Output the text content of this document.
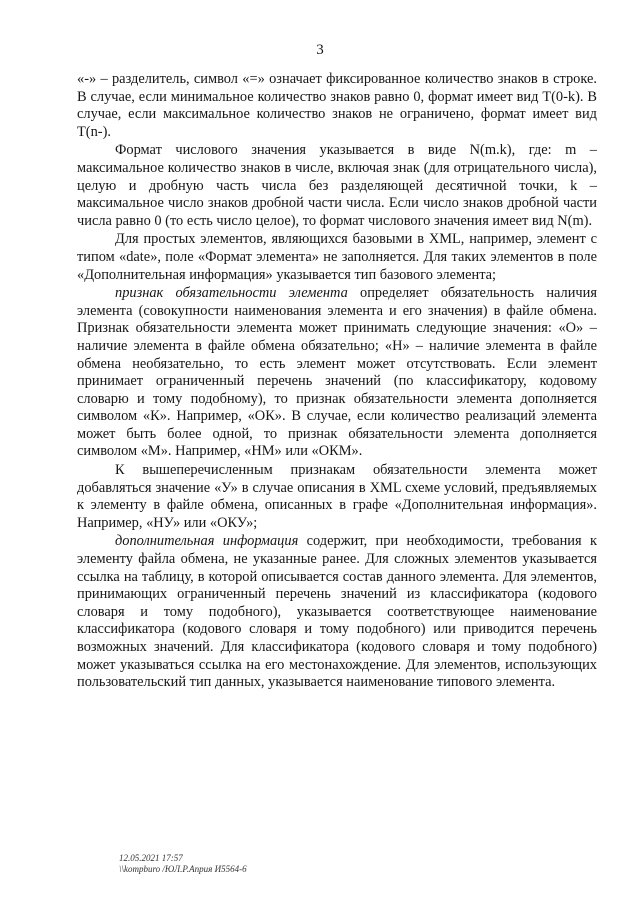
3

«-» – разделитель, символ «=» означает фиксированное количество знаков в строке. В случае, если минимальное количество знаков равно 0, формат имеет вид T(0-k). В случае, если максимальное количество знаков не ограничено, формат имеет вид T(n-).

Формат числового значения указывается в виде N(m.k), где: m – максимальное количество знаков в числе, включая знак (для отрицательного числа), целую и дробную часть числа без разделяющей десятичной точки, k – максимальное число знаков дробной части числа. Если число знаков дробной части числа равно 0 (то есть число целое), то формат числового значения имеет вид N(m).

Для простых элементов, являющихся базовыми в XML, например, элемент с типом «date», поле «Формат элемента» не заполняется. Для таких элементов в поле «Дополнительная информация» указывается тип базового элемента;

признак обязательности элемента определяет обязательность наличия элемента (совокупности наименования элемента и его значения) в файле обмена. Признак обязательности элемента может принимать следующие значения: «О» – наличие элемента в файле обмена обязательно; «Н» – наличие элемента в файле обмена необязательно, то есть элемент может отсутствовать. Если элемент принимает ограниченный перечень значений (по классификатору, кодовому словарю и тому подобному), то признак обязательности элемента дополняется символом «К». Например, «ОК». В случае, если количество реализаций элемента может быть более одной, то признак обязательности элемента дополняется символом «М». Например, «НМ» или «ОКМ».

К вышеперечисленным признакам обязательности элемента может добавляться значение «У» в случае описания в XML схеме условий, предъявляемых к элементу в файле обмена, описанных в графе «Дополнительная информация». Например, «НУ» или «ОКУ»;

дополнительная информация содержит, при необходимости, требования к элементу файла обмена, не указанные ранее. Для сложных элементов указывается ссылка на таблицу, в которой описывается состав данного элемента. Для элементов, принимающих ограниченный перечень значений из классификатора (кодового словаря и тому подобного), указывается соответствующее наименование классификатора (кодового словаря и тому подобного) или приводится перечень возможных значений. Для классификатора (кодового словаря и тому подобного) может указываться ссылка на его местонахождение. Для элементов, использующих пользовательский тип данных, указывается наименование типового элемента.

12.05.2021 17:57
\\kompburo /ЮЛ.Р.Априя И5564-6
